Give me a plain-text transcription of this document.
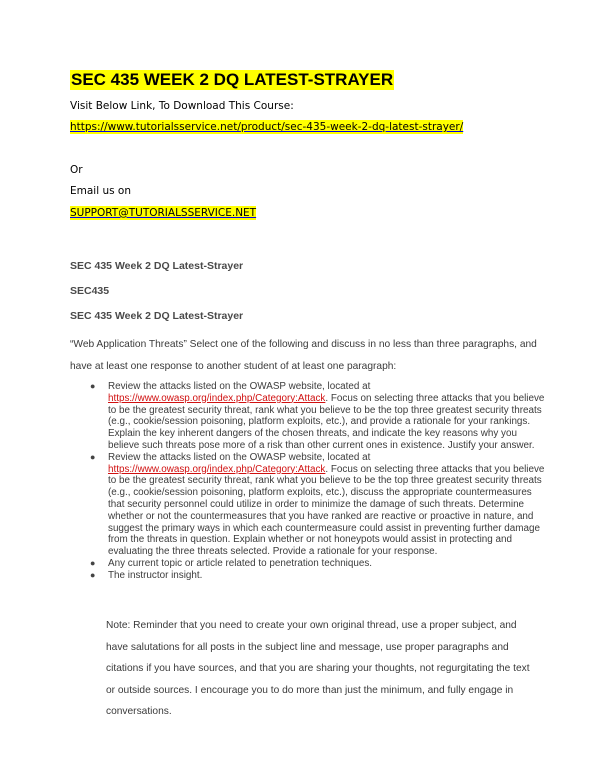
SEC 435 WEEK 2 DQ LATEST-STRAYER
Visit Below Link, To Download This Course:
https://www.tutorialsservice.net/product/sec-435-week-2-dq-latest-strayer/
Or
Email us on
SUPPORT@TUTORIALSSERVICE.NET
SEC 435 Week 2 DQ Latest-Strayer
SEC435
SEC 435 Week 2 DQ Latest-Strayer
“Web Application Threats” Select one of the following and discuss in no less than three paragraphs, and have at least one response to another student of at least one paragraph:
● Review the attacks listed on the OWASP website, located at https://www.owasp.org/index.php/Category:Attack. Focus on selecting three attacks that you believe to be the greatest security threat, rank what you believe to be the top three greatest security threats (e.g., cookie/session poisoning, platform exploits, etc.), and provide a rationale for your rankings. Explain the key inherent dangers of the chosen threats, and indicate the key reasons why you believe such threats pose more of a risk than other current ones in existence. Justify your answer.
● Review the attacks listed on the OWASP website, located at https://www.owasp.org/index.php/Category:Attack. Focus on selecting three attacks that you believe to be the greatest security threat, rank what you believe to be the top three greatest security threats (e.g., cookie/session poisoning, platform exploits, etc.), discuss the appropriate countermeasures that security personnel could utilize in order to minimize the damage of such threats. Determine whether or not the countermeasures that you have ranked are reactive or proactive in nature, and suggest the primary ways in which each countermeasure could assist in preventing further damage from the threats in question. Explain whether or not honeypots would assist in protecting and evaluating the three threats selected. Provide a rationale for your response.
● Any current topic or article related to penetration techniques.
● The instructor insight.
Note: Reminder that you need to create your own original thread, use a proper subject, and have salutations for all posts in the subject line and message, use proper paragraphs and citations if you have sources, and that you are sharing your thoughts, not regurgitating the text or outside sources. I encourage you to do more than just the minimum, and fully engage in conversations.
